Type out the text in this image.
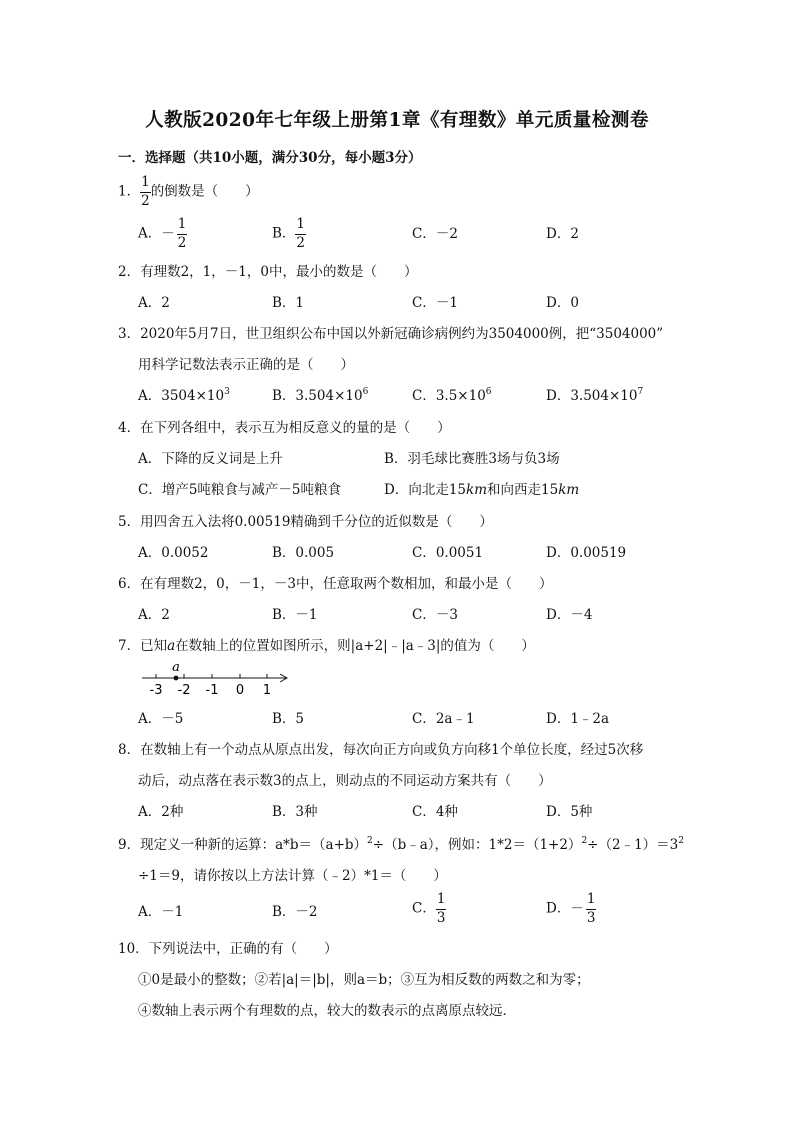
人教版2020年七年级上册第1章《有理数》单元质量检测卷
一．选择题（共10小题，满分30分，每小题3分）
1． $\frac{1}{2}$ 的倒数是（　　）
A．－ $\frac{1}{2}$	B． $\frac{1}{2}$	C．－2	D．2
2．有理数2，1，－1，0中，最小的数是（　　）
A．2	B．1	C．－1	D．0
3．2020年5月7日，世卫组织公布中国以外新冠确诊病例约为3504000例，把“3504000”
用科学记数法表示正确的是（　　）
A．$3504\times 10^3$	B．$3.504\times 10^6$	C．$3.5\times 10^6$	D．$3.504\times 10^7$
4．在下列各组中，表示互为相反意义的量的是（　　）
A．下降的反义词是上升	B．羽毛球比赛胜3场与负3场
C．增产5吨粮食与减产－5吨粮食	D．向北走15km和向西走15km
5．用四舍五入法将0.00519精确到千分位的近似数是（　　）
A．0.0052	B．0.005	C．0.0051	D．0.00519
6．在有理数2，0，－1，－3中，任意取两个数相加，和最小是（　　）
A．2	B．－1	C．－3	D．－4
7．已知a在数轴上的位置如图所示，则|a+2|﹣|a﹣3|的值为（　　）
a
-3 -2 -1 0 1
A．－5	B．5	C．2a﹣1	D．1﹣2a
8．在数轴上有一个动点从原点出发，每次向正方向或负方向移1个单位长度，经过5次移
动后，动点落在表示数3的点上，则动点的不同运动方案共有（　　）
A．2种	B．3种	C．4种	D．5种
9．现定义一种新的运算：$a*b=(a+b)^2\div(b﹣a)$，例如：$1*2=(1+2)^2\div(2﹣1)=3^2$
÷1＝9，请你按以上方法计算（﹣2）*1＝（　　）
A．－1	B．－2	C． $\frac{1}{3}$	D．－ $\frac{1}{3}$
10．下列说法中，正确的有（　　）
①0是最小的整数；②若|a|＝|b|，则a＝b；③互为相反数的两数之和为零；
④数轴上表示两个有理数的点，较大的数表示的点离原点较远．
